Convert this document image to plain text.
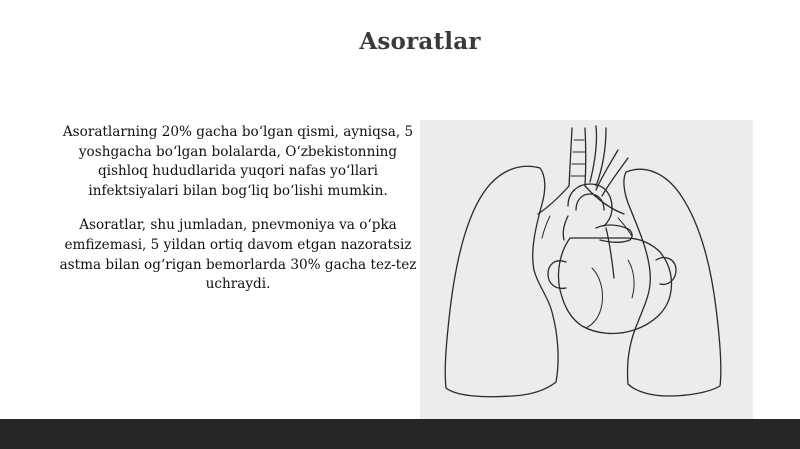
Asoratlar

Asoratlarning 20% gacha boʻlgan qismi, ayniqsa, 5 yoshgacha boʻlgan bolalarda, Oʻzbekistonning qishloq hududlarida yuqori nafas yoʻllari infektsiyalari bilan bogʻliq boʻlishi mumkin.

Asoratlar, shu jumladan, pnevmoniya va oʻpka emfizemasi, 5 yildan ortiq davom etgan nazoratsiz astma bilan ogʻrigan bemorlarda 30% gacha tez-tez uchraydi.
